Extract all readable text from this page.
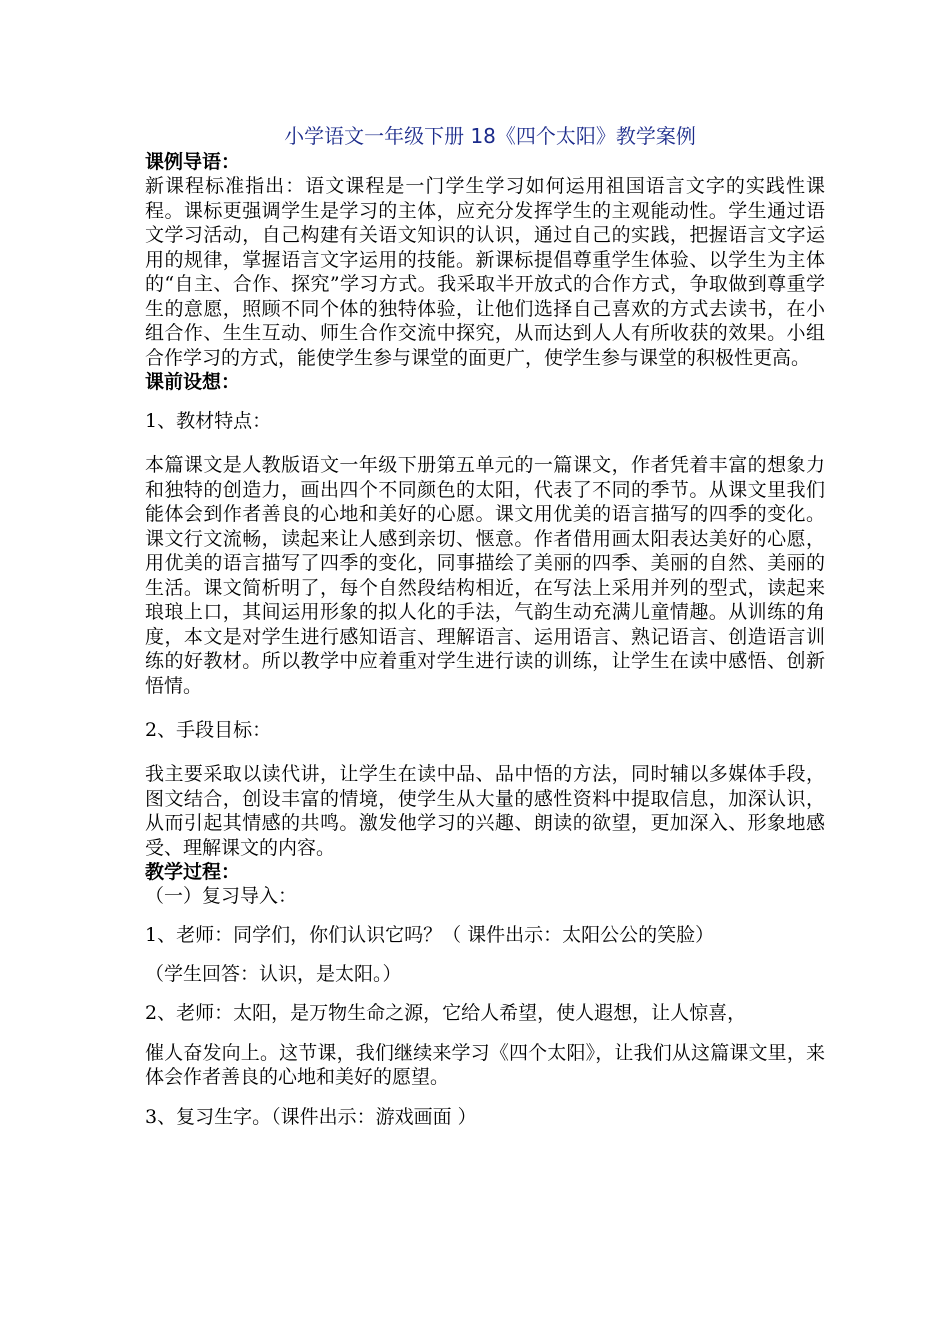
小学语文一年级下册 18《四个太阳》教学案例

课例导语：

新课程标准指出：语文课程是一门学生学习如何运用祖国语言文字的实践性课程。课标更强调学生是学习的主体，应充分发挥学生的主观能动性。学生通过语文学习活动，自己构建有关语文知识的认识，通过自己的实践，把握语言文字运用的规律，掌握语言文字运用的技能。新课标提倡尊重学生体验、以学生为主体的“自主、合作、探究”学习方式。我采取半开放式的合作方式，争取做到尊重学生的意愿，照顾不同个体的独特体验，让他们选择自己喜欢的方式去读书，在小组合作、生生互动、师生合作交流中探究，从而达到人人有所收获的效果。小组合作学习的方式，能使学生参与课堂的面更广，使学生参与课堂的积极性更高。

课前设想：

1、教材特点：

本篇课文是人教版语文一年级下册第五单元的一篇课文，作者凭着丰富的想象力和独特的创造力，画出四个不同颜色的太阳，代表了不同的季节。从课文里我们能体会到作者善良的心地和美好的心愿。课文用优美的语言描写的四季的变化。课文行文流畅，读起来让人感到亲切、惬意。作者借用画太阳表达美好的心愿，用优美的语言描写了四季的变化，同事描绘了美丽的四季、美丽的自然、美丽的生活。课文简析明了，每个自然段结构相近，在写法上采用并列的型式，读起来琅琅上口，其间运用形象的拟人化的手法，气韵生动充满儿童情趣。从训练的角度，本文是对学生进行感知语言、理解语言、运用语言、熟记语言、创造语言训练的好教材。所以教学中应着重对学生进行读的训练，让学生在读中感悟、创新悟情。

2、手段目标：

我主要采取以读代讲，让学生在读中品、品中悟的方法，同时辅以多媒体手段，图文结合，创设丰富的情境，使学生从大量的感性资料中提取信息，加深认识，从而引起其情感的共鸣。激发他学习的兴趣、朗读的欲望，更加深入、形象地感受、理解课文的内容。

教学过程：

（一）复习导入：

1、老师：同学们，你们认识它吗？（ 课件出示：太阳公公的笑脸）

（学生回答：认识，是太阳。）

2、老师：太阳，是万物生命之源，它给人希望，使人遐想，让人惊喜，

催人奋发向上。这节课，我们继续来学习《四个太阳》，让我们从这篇课文里，来体会作者善良的心地和美好的愿望。

3、复习生字。（课件出示：游戏画面 ）
